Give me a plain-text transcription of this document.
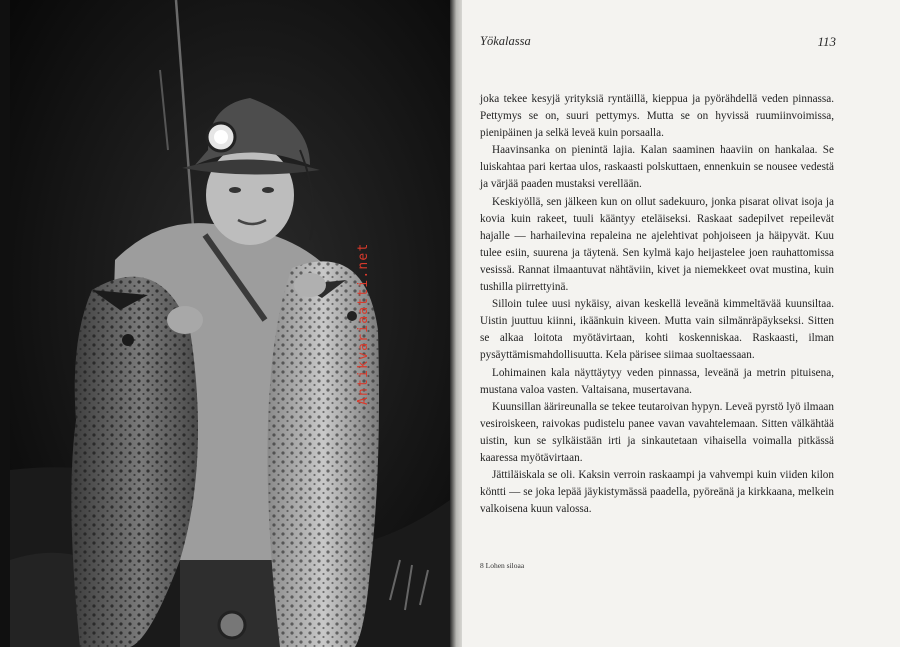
Antikvariaatti.net
Yökalassa	113

joka tekee kesyjä yrityksiä ryntäillä, kieppua ja pyörähdellä veden pinnassa. Pettymys se on, suuri pettymys. Mutta se on hyvissä ruumiinvoimissa, pienipäinen ja selkä leveä kuin porsaalla.

Haavinsanka on pienintä lajia. Kalan saaminen haaviin on hankalaa. Se luiskahtaa pari kertaa ulos, raskaasti polskuttaen, ennenkuin se nousee vedestä ja värjää paaden mustaksi verellään.

Keskiyöllä, sen jälkeen kun on ollut sadekuuro, jonka pisarat olivat isoja ja kovia kuin rakeet, tuuli kääntyy eteläiseksi. Raskaat sadepilvet repeilevät hajalle — harhailevina repaleina ne ajelehtivat pohjoiseen ja häipyvät. Kuu tulee esiin, suurena ja täytenä. Sen kylmä kajo heijastelee joen rauhattomissa vesissä. Rannat ilmaantuvat nähtäviin, kivet ja niemekkeet ovat mustina, kuin tushilla piirrettyinä.

Silloin tulee uusi nykäisy, aivan keskellä leveänä kimmeltävää kuunsiltaa. Uistin juuttuu kiinni, ikäänkuin kiveen. Mutta vain silmänräpäykseksi. Sitten se alkaa loitota myötävirtaan, kohti koskenniskaa. Raskaasti, ilman pysäyttämismahdollisuutta. Kela pärisee siimaa suoltaessaan.

Lohimainen kala näyttäytyy veden pinnassa, leveänä ja metrin pituisena, mustana valoa vasten. Valtaisana, musertavana.

Kuunsillan äärireunalla se tekee teutaroivan hypyn. Leveä pyrstö lyö ilmaan vesiroiskeen, raivokas pudistelu panee vavan vavahtelemaan. Sitten välkähtää uistin, kun se sylkäistään irti ja sinkautetaan vihaisella voimalla pitkässä kaaressa myötävirtaan.

Jättiläiskala se oli. Kaksin verroin raskaampi ja vahvempi kuin viiden kilon köntti — se joka lepää jäykistymässä paadella, pyöreänä ja kirkkaana, melkein valkoisena kuun valossa.

8 Lohen siloaa
